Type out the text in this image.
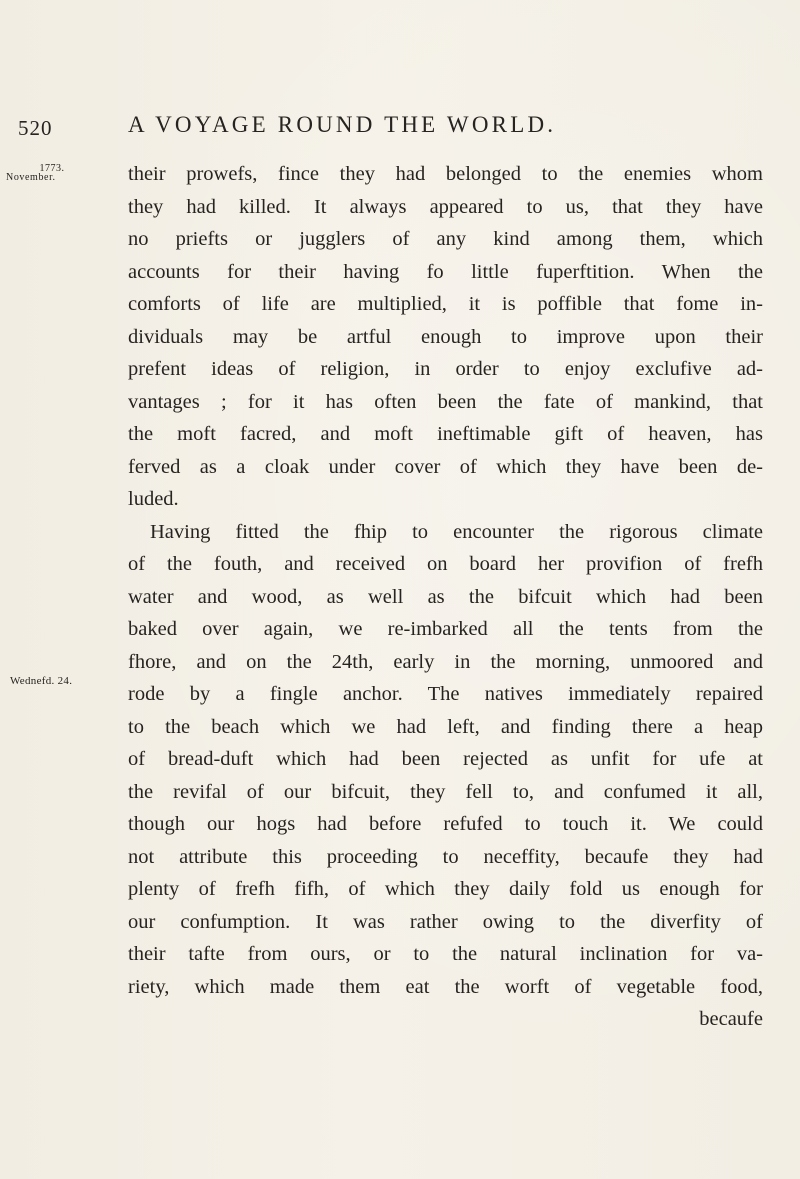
520	A VOYAGE ROUND THE WORLD.
1773.
November.
Wednefd. 24.
their prowefs, fince they had belonged to the enemies whom
they had killed. It always appeared to us, that they have
no priefts or jugglers of any kind among them, which
accounts for their having fo little fuperftition. When the
comforts of life are multiplied, it is poffible that fome in-
dividuals may be artful enough to improve upon their
prefent ideas of religion, in order to enjoy exclufive ad-
vantages ; for it has often been the fate of mankind, that
the moft facred, and moft ineftimable gift of heaven, has
ferved as a cloak under cover of which they have been de-
luded.
Having fitted the fhip to encounter the rigorous climate
of the fouth, and received on board her provifion of frefh
water and wood, as well as the bifcuit which had been
baked over again, we re-imbarked all the tents from the
fhore, and on the 24th, early in the morning, unmoored and
rode by a fingle anchor. The natives immediately repaired
to the beach which we had left, and finding there a heap
of bread-duft which had been rejected as unfit for ufe at
the revifal of our bifcuit, they fell to, and confumed it all,
though our hogs had before refufed to touch it. We could
not attribute this proceeding to neceffity, becaufe they had
plenty of frefh fifh, of which they daily fold us enough for
our confumption. It was rather owing to the diverfity of
their tafte from ours, or to the natural inclination for va-
riety, which made them eat the worft of vegetable food,
becaufe
